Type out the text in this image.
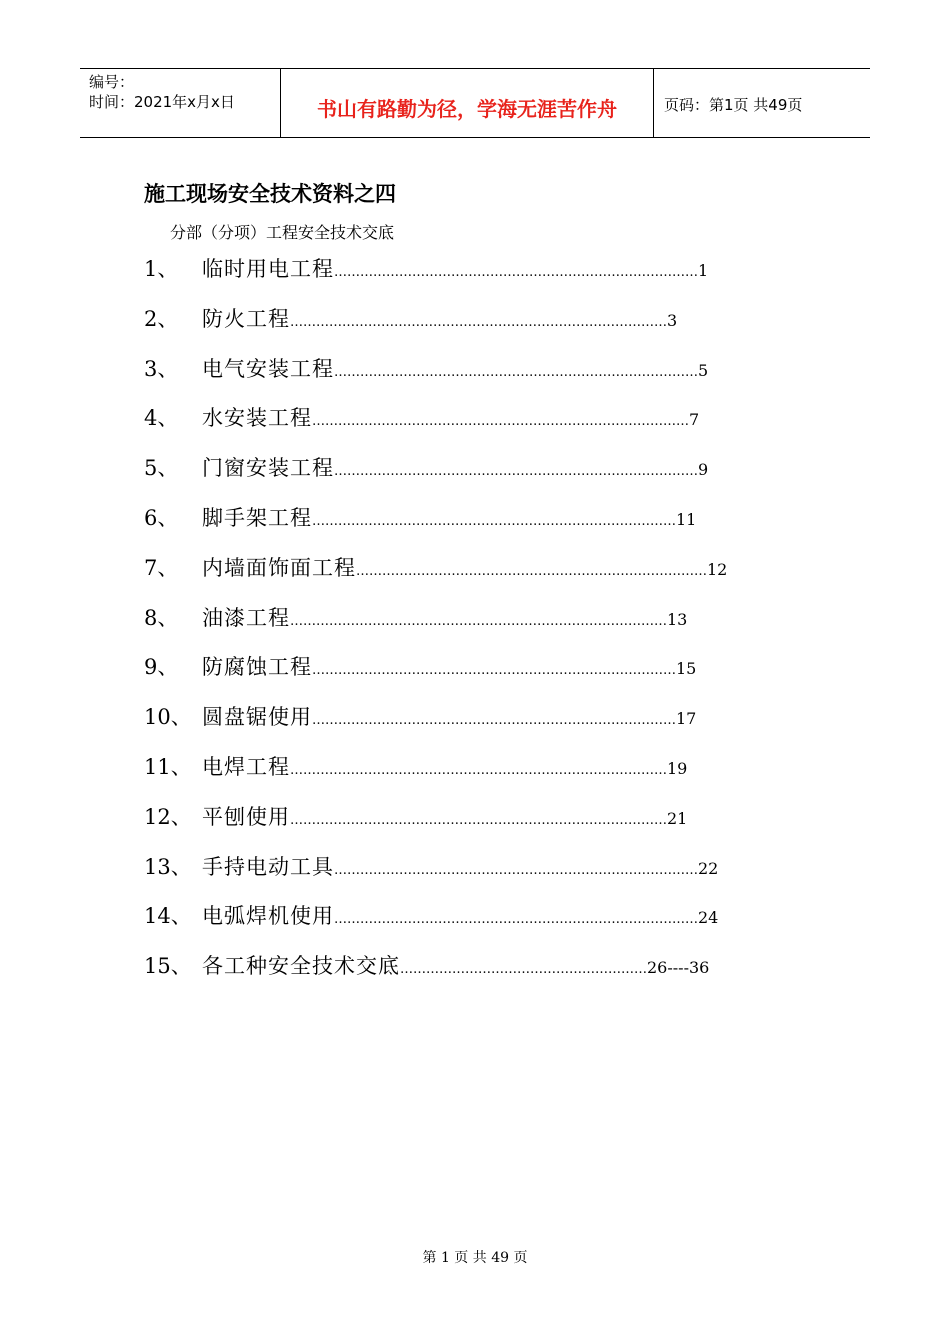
编号：
时间：2021年x月x日	书山有路勤为径，学海无涯苦作舟	页码：第1页 共49页
施工现场安全技术资料之四
分部（分项）工程安全技术交底
1、 临时用电工程…………………………………………………………………………1
2、 防火工程……………………………………………………………………………3
3、 电气安装工程…………………………………………………………………………5
4、 水安装工程……………………………………………………………………………7
5、 门窗安装工程…………………………………………………………………………9
6、 脚手架工程…………………………………………………………………………11
7、 内墙面饰面工程………………………………………………………………………12
8、 油漆工程……………………………………………………………………………13
9、 防腐蚀工程…………………………………………………………………………15
10、 圆盘锯使用…………………………………………………………………………17
11、 电焊工程……………………………………………………………………………19
12、 平刨使用……………………………………………………………………………21
13、 手持电动工具…………………………………………………………………………22
14、 电弧焊机使用…………………………………………………………………………24
15、 各工种安全技术交底…………………………………………………26----36
第 1 页 共 49 页
